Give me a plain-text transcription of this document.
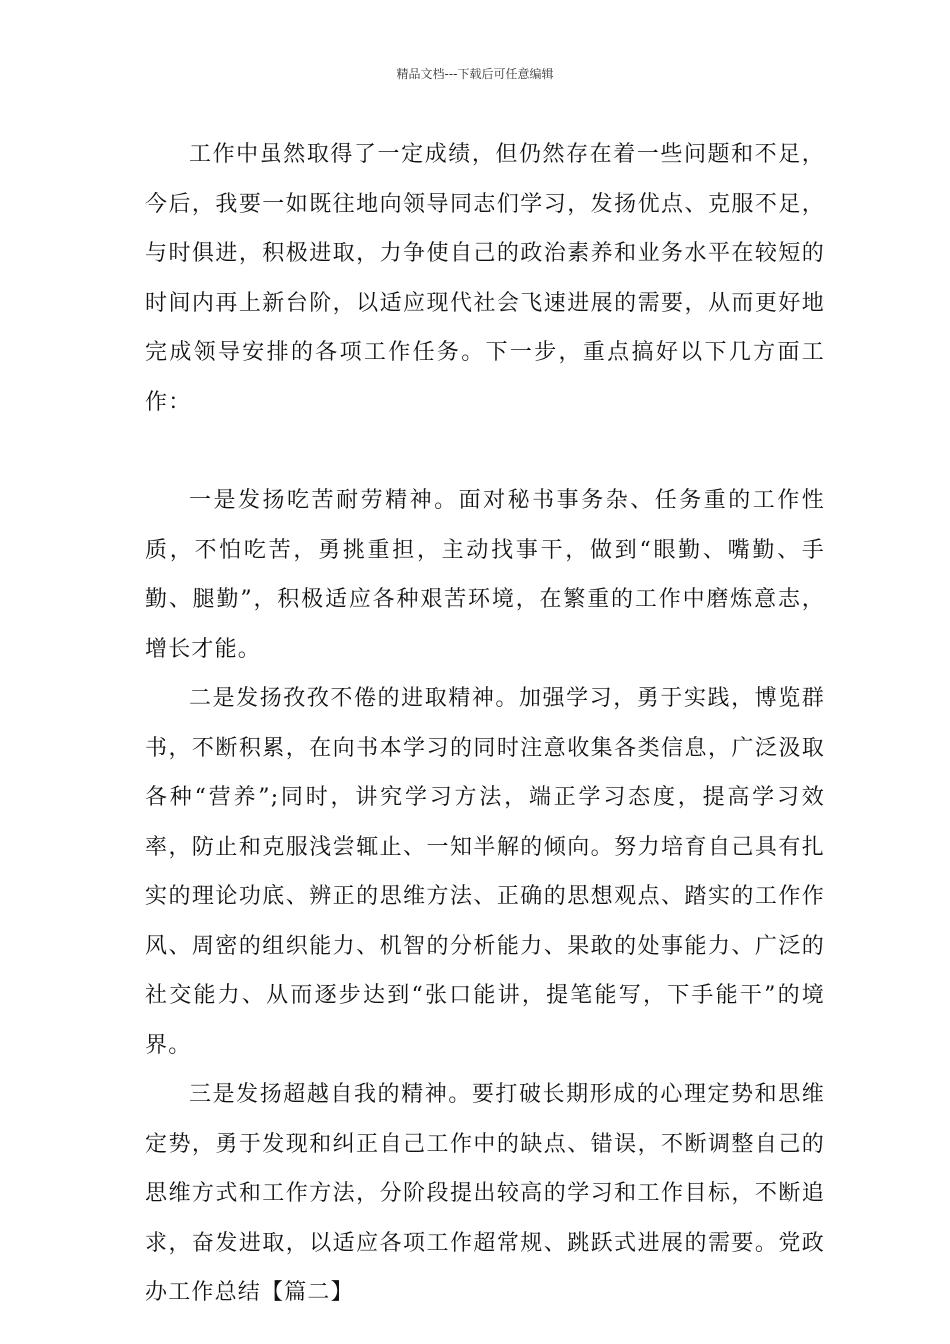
精品文档---下载后可任意编辑

工作中虽然取得了一定成绩，但仍然存在着一些问题和不足，今后，我要一如既往地向领导同志们学习，发扬优点、克服不足，与时俱进，积极进取，力争使自己的政治素养和业务水平在较短的时间内再上新台阶，以适应现代社会飞速进展的需要，从而更好地完成领导安排的各项工作任务。下一步，重点搞好以下几方面工作：

一是发扬吃苦耐劳精神。面对秘书事务杂、任务重的工作性质，不怕吃苦，勇挑重担，主动找事干，做到“眼勤、嘴勤、手勤、腿勤”，积极适应各种艰苦环境，在繁重的工作中磨炼意志，增长才能。

二是发扬孜孜不倦的进取精神。加强学习，勇于实践，博览群书，不断积累，在向书本学习的同时注意收集各类信息，广泛汲取各种“营养”;同时，讲究学习方法，端正学习态度，提高学习效率，防止和克服浅尝辄止、一知半解的倾向。努力培育自己具有扎实的理论功底、辨正的思维方法、正确的思想观点、踏实的工作作风、周密的组织能力、机智的分析能力、果敢的处事能力、广泛的社交能力、从而逐步达到“张口能讲，提笔能写，下手能干”的境界。

三是发扬超越自我的精神。要打破长期形成的心理定势和思维定势，勇于发现和纠正自己工作中的缺点、错误，不断调整自己的思维方式和工作方法，分阶段提出较高的学习和工作目标，不断追求，奋发进取，以适应各项工作超常规、跳跃式进展的需要。党政办工作总结【篇二】
